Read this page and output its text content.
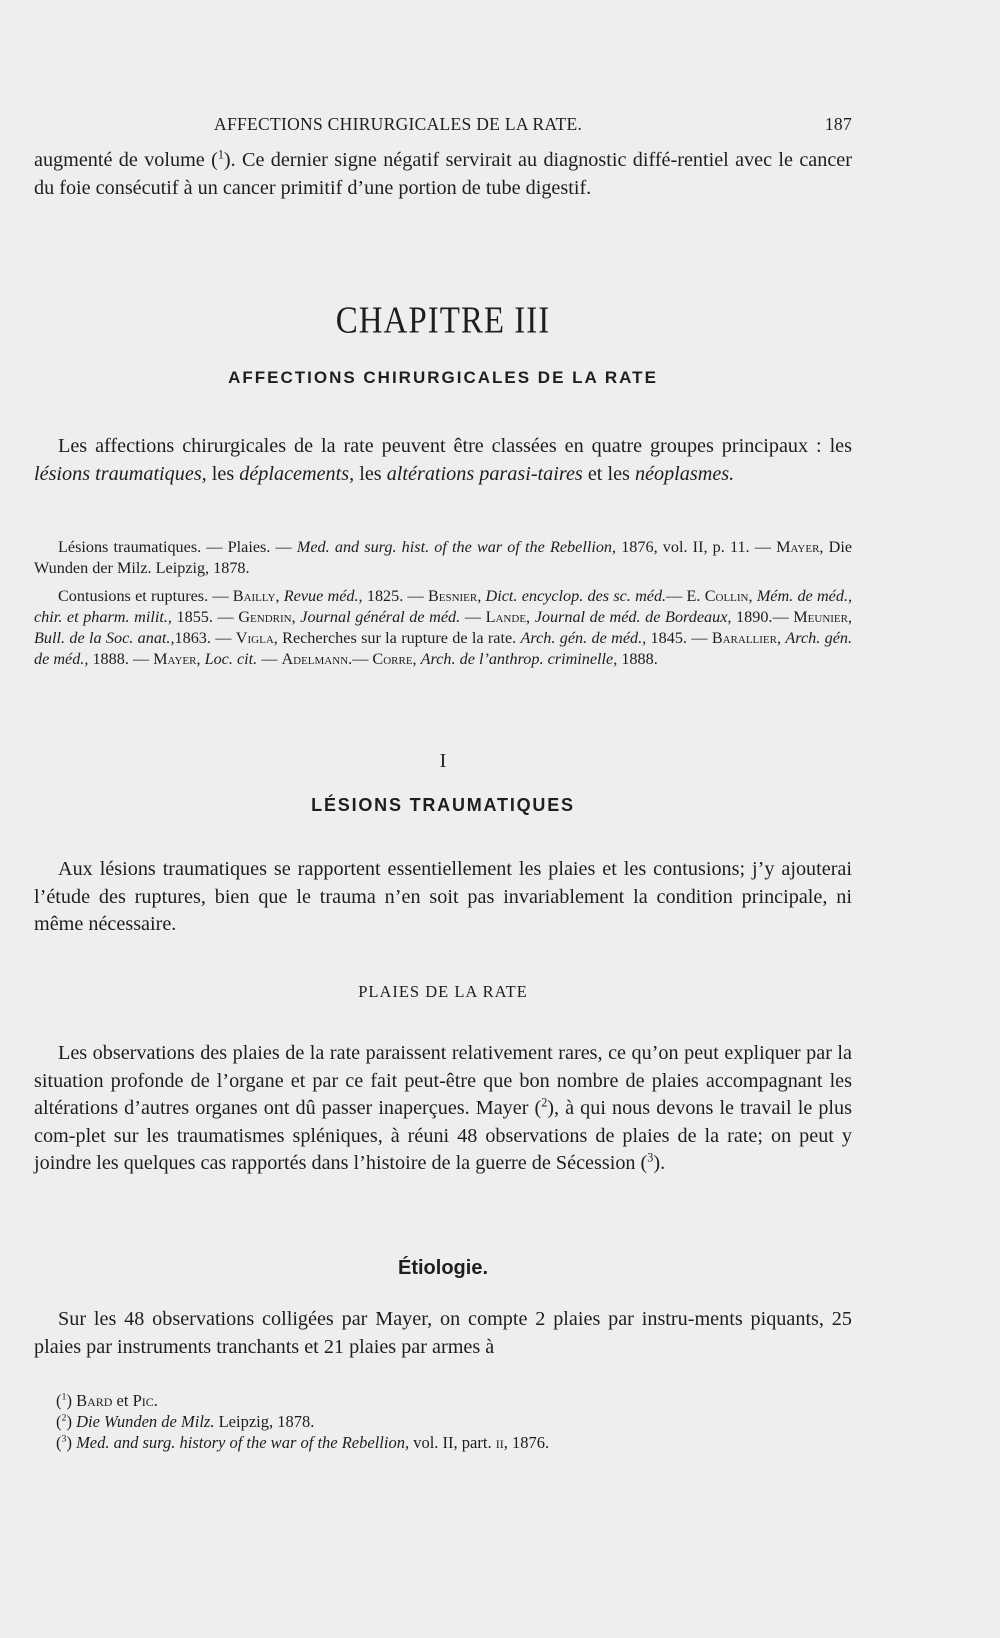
AFFECTIONS CHIRURGICALES DE LA RATE.	187

augmenté de volume ($^1$). Ce dernier signe négatif servirait au diagnostic diffé-rentiel avec le cancer du foie consécutif à un cancer primitif d’une portion de tube digestif.

CHAPITRE III
AFFECTIONS CHIRURGICALES DE LA RATE

Les affections chirurgicales de la rate peuvent être classées en quatre groupes principaux : les lésions traumatiques, les déplacements, les altérations parasi-taires et les néoplasmes.

Lésions traumatiques. — Plaies. — Med. and surg. hist. of the war of the Rebellion, 1876, vol. II, p. 11. — Mayer, Die Wunden der Milz. Leipzig, 1878.

Contusions et ruptures. — Bailly, Revue méd., 1825. — Besnier, Dict. encyclop. des sc. méd.— E. Collin, Mém. de méd., chir. et pharm. milit., 1855. — Gendrin, Journal général de méd. — Lande, Journal de méd. de Bordeaux, 1890.— Meunier, Bull. de la Soc. anat.,1863. — Vigla, Recherches sur la rupture de la rate. Arch. gén. de méd., 1845. — Barallier, Arch. gén. de méd., 1888. — Mayer, Loc. cit. — Adelmann.— Corre, Arch. de l’anthrop. criminelle, 1888.

I
LÉSIONS TRAUMATIQUES

Aux lésions traumatiques se rapportent essentiellement les plaies et les contusions; j’y ajouterai l’étude des ruptures, bien que le trauma n’en soit pas invariablement la condition principale, ni même nécessaire.

PLAIES DE LA RATE

Les observations des plaies de la rate paraissent relativement rares, ce qu’on peut expliquer par la situation profonde de l’organe et par ce fait peut-être que bon nombre de plaies accompagnant les altérations d’autres organes ont dû passer inaperçues. Mayer ($^2$), à qui nous devons le travail le plus com-plet sur les traumatismes spléniques, à réuni 48 observations de plaies de la rate; on peut y joindre les quelques cas rapportés dans l’histoire de la guerre de Sécession ($^3$).

Étiologie.

Sur les 48 observations colligées par Mayer, on compte 2 plaies par instru-ments piquants, 25 plaies par instruments tranchants et 21 plaies par armes à

($^1$) Bard et Pic.
($^2$) Die Wunden de Milz. Leipzig, 1878.
($^3$) Med. and surg. history of the war of the Rebellion, vol. II, part. ii, 1876.
